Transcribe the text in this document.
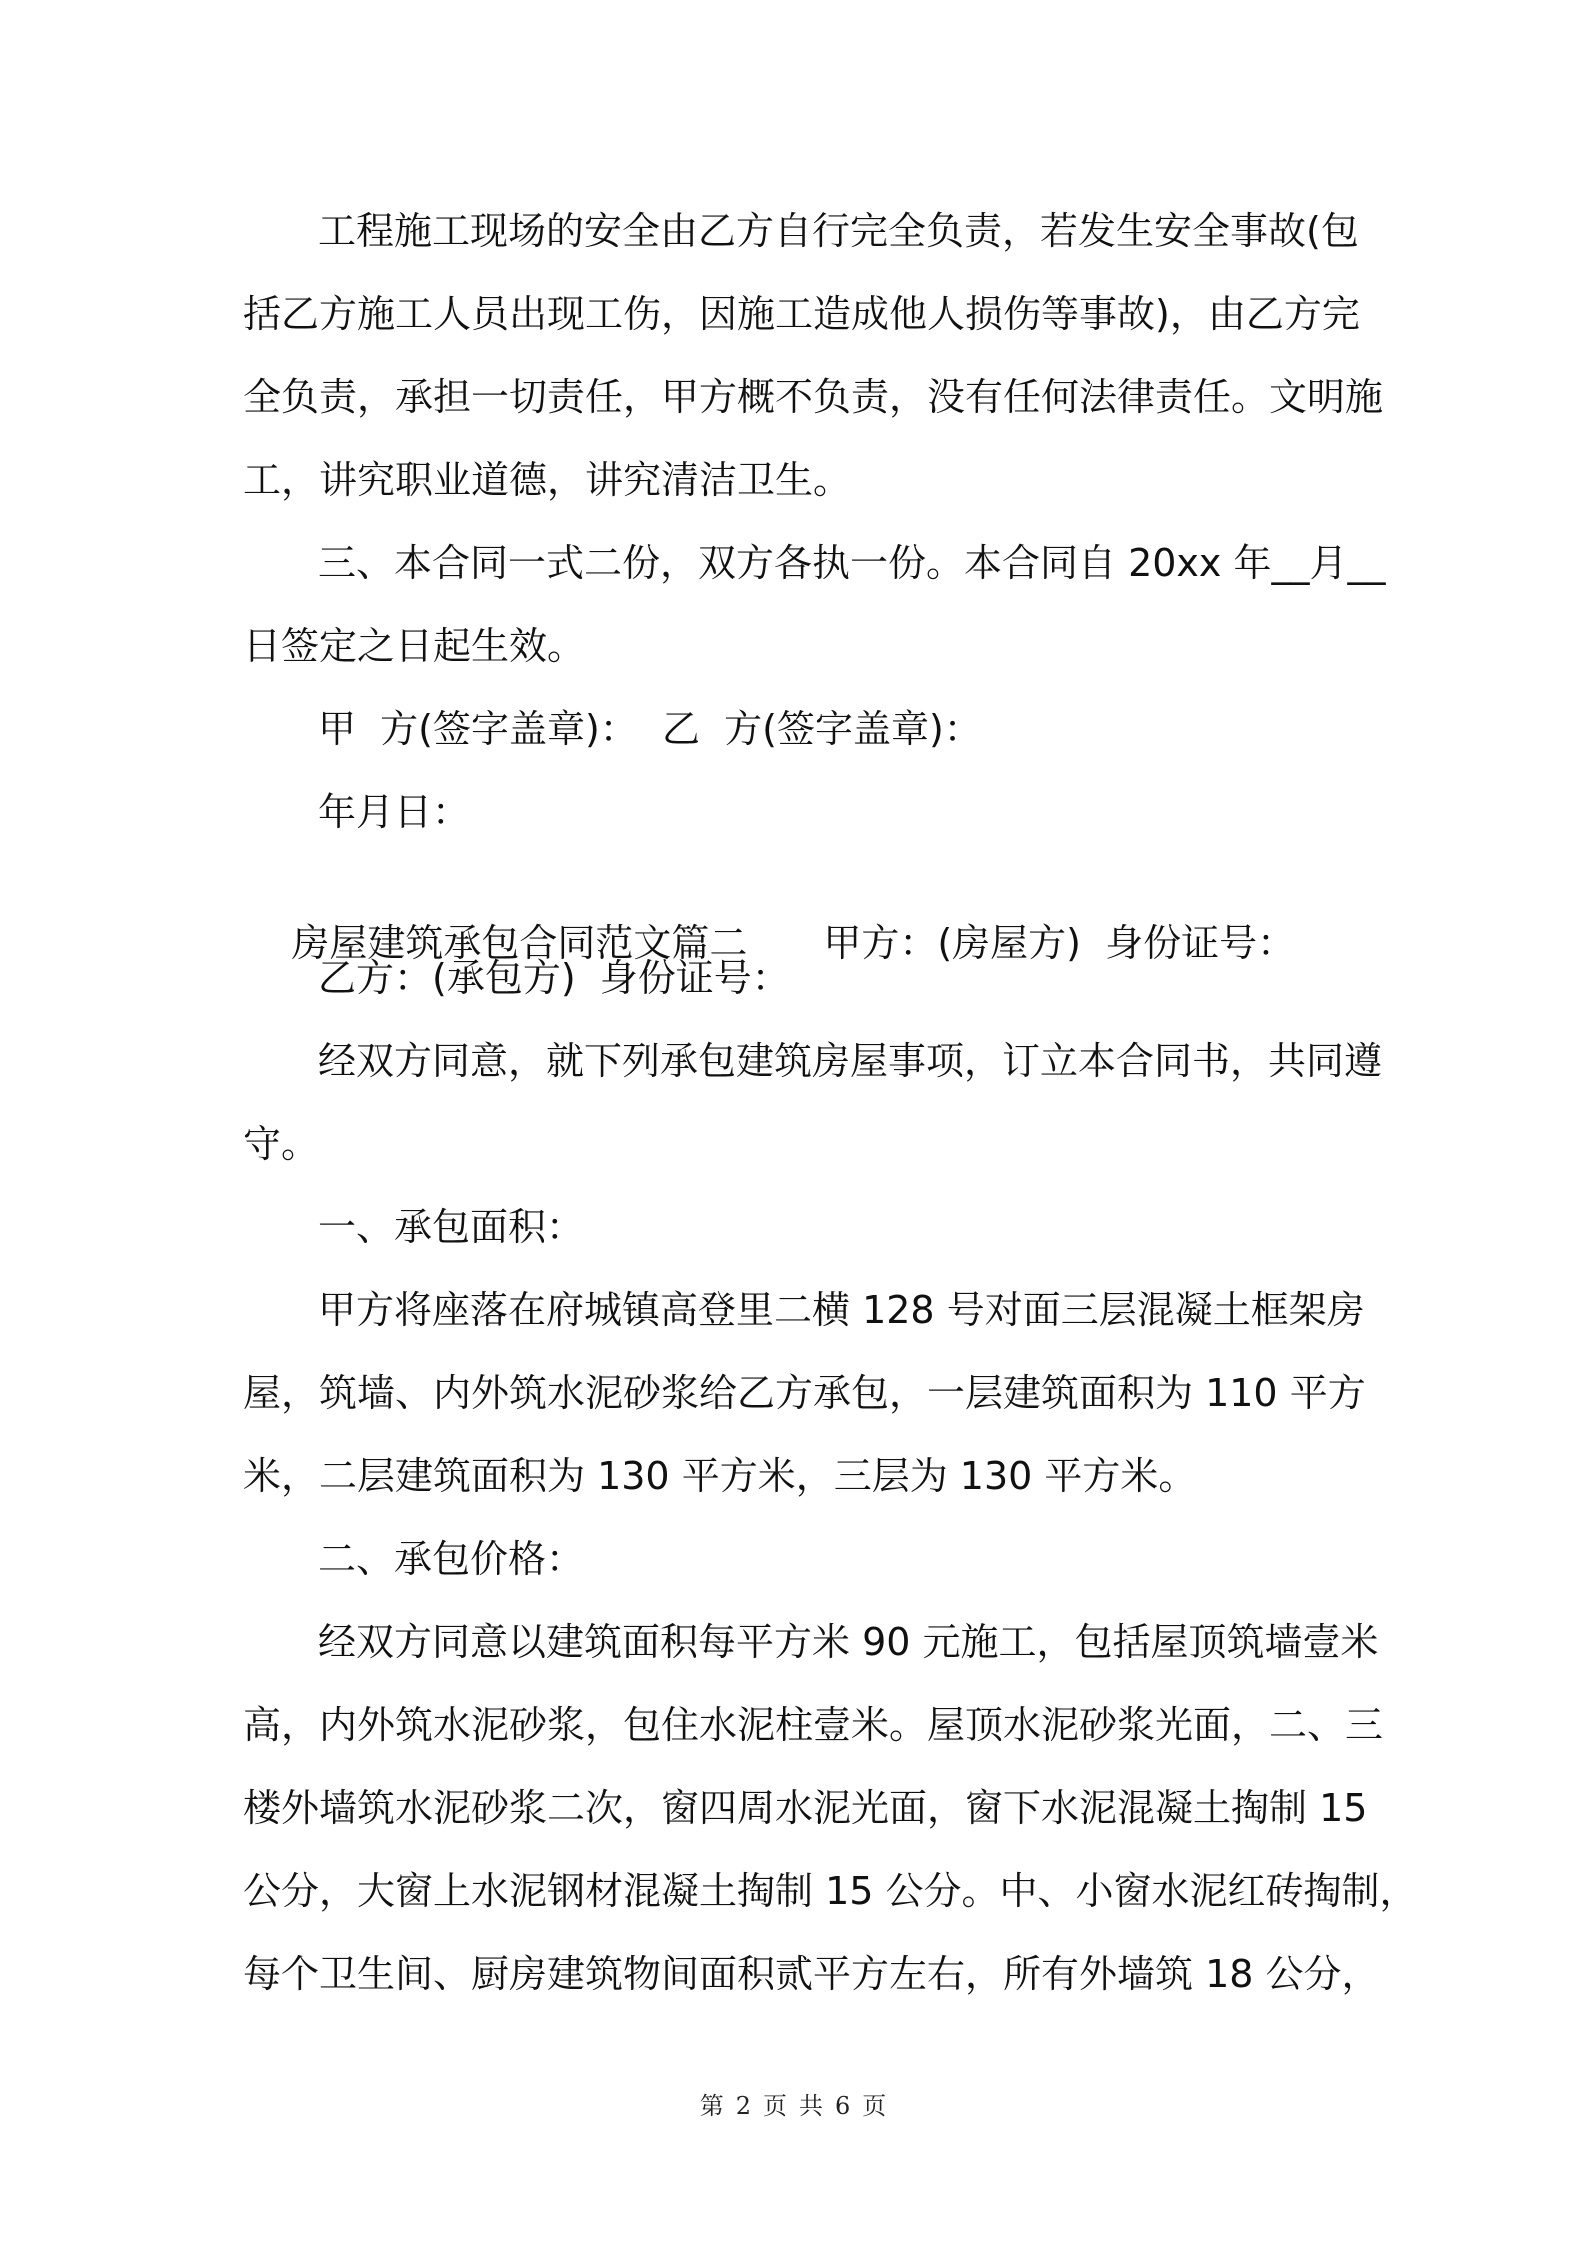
工程施工现场的安全由乙方自行完全负责，若发生安全事故(包
括乙方施工人员出现工伤，因施工造成他人损伤等事故)，由乙方完
全负责，承担一切责任，甲方概不负责，没有任何法律责任。文明施
工，讲究职业道德，讲究清洁卫生。
三、本合同一式二份，双方各执一份。本合同自 20xx 年__月__
日签定之日起生效。
甲  方(签字盖章)：  乙  方(签字盖章)：
年月日：

房屋建筑承包合同范文篇二 甲方：(房屋方)  身份证号：

乙方：(承包方)  身份证号：
经双方同意，就下列承包建筑房屋事项，订立本合同书，共同遵
守。
一、承包面积：
甲方将座落在府城镇高登里二横 128 号对面三层混凝土框架房
屋，筑墙、内外筑水泥砂浆给乙方承包，一层建筑面积为 110 平方
米，二层建筑面积为 130 平方米，三层为 130 平方米。
二、承包价格：
经双方同意以建筑面积每平方米 90 元施工，包括屋顶筑墙壹米
高，内外筑水泥砂浆，包住水泥柱壹米。屋顶水泥砂浆光面，二、三
楼外墙筑水泥砂浆二次，窗四周水泥光面，窗下水泥混凝土掏制 15
公分，大窗上水泥钢材混凝土掏制 15 公分。中、小窗水泥红砖掏制，
每个卫生间、厨房建筑物间面积贰平方左右，所有外墙筑 18 公分，
第 2 页 共 6 页
